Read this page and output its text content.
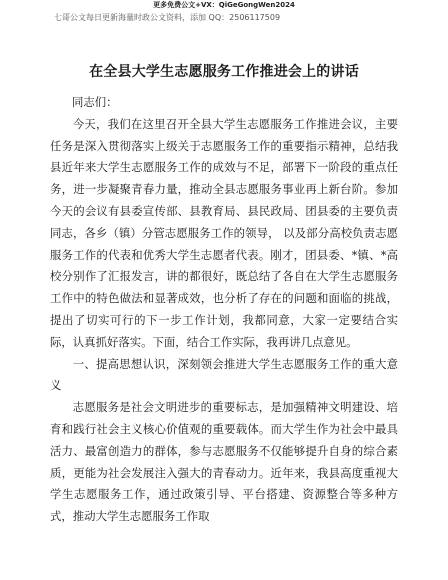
更多免费公文+VX：QiGeGongWen2024
七哥公文每日更新海量时政公文资料，添加 QQ：2506117509
在全县大学生志愿服务工作推进会上的讲话

同志们：

今天，我们在这里召开全县大学生志愿服务工作推进会议，主要任务是深入贯彻落实上级关于志愿服务工作的重要指示精神，总结我县近年来大学生志愿服务工作的成效与不足，部署下一阶段的重点任务，进一步凝聚青春力量，推动全县志愿服务事业再上新台阶。参加今天的会议有县委宣传部、县教育局、县民政局、团县委的主要负责同志，各乡（镇）分管志愿服务工作的领导， 以及部分高校负责志愿服务工作的代表和优秀大学生志愿者代表。刚才，团县委、*镇、*高校分别作了汇报发言，讲的都很好，既总结了各自在大学生志愿服务工作中的特色做法和显著成效，也分析了存在的问题和面临的挑战，提出了切实可行的下一步工作计划，我都同意，大家一定要结合实际，认真抓好落实。下面，结合工作实际，我再讲几点意见。

一、提高思想认识，深刻领会推进大学生志愿服务工作的重大意义

志愿服务是社会文明进步的重要标志，是加强精神文明建设、培育和践行社会主义核心价值观的重要载体。而大学生作为社会中最具活力、最富创造力的群体，参与志愿服务不仅能够提升自身的综合素质，更能为社会发展注入强大的青春动力。近年来，我县高度重视大学生志愿服务工作，通过政策引导、平台搭建、资源整合等多种方式，推动大学生志愿服务工作取
